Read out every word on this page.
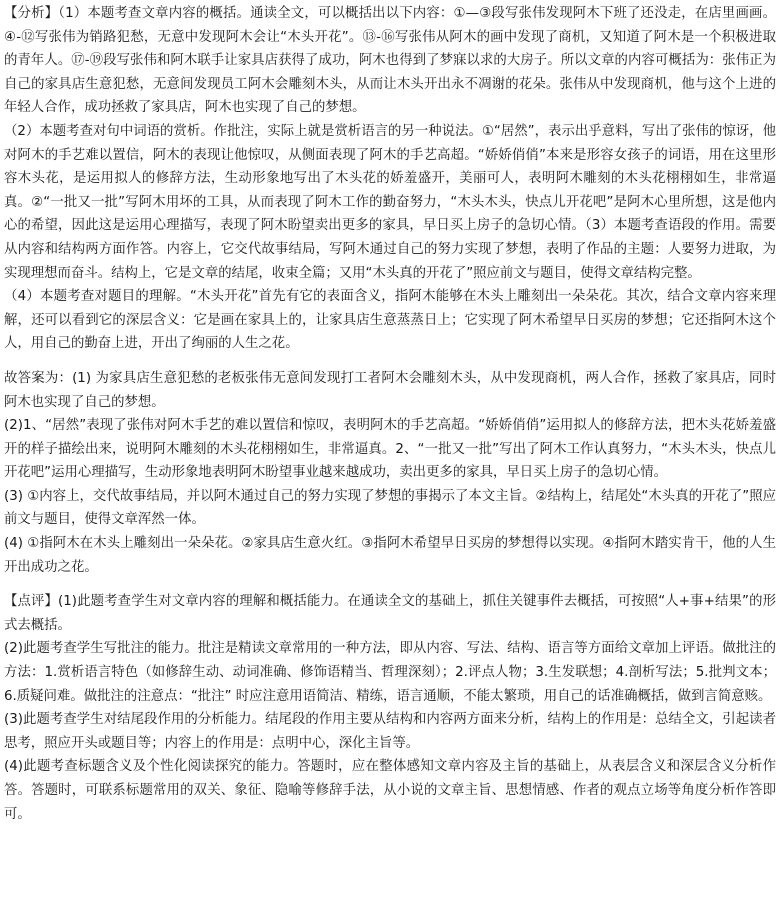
【分析】（1）本题考查文章内容的概括。通读全文，可以概括出以下内容：①—③段写张伟发现阿木下班了还没走，在店里画画。④-⑫写张伟为销路犯愁，无意中发现阿木会让“木头开花”。⑬-⑯写张伟从阿木的画中发现了商机，又知道了阿木是一个积极进取的青年人。⑰-⑲段写张伟和阿木联手让家具店获得了成功，阿木也得到了梦寐以求的大房子。所以文章的内容可概括为：张伟正为自己的家具店生意犯愁，无意间发现员工阿木会雕刻木头，从而让木头开出永不凋谢的花朵。张伟从中发现商机，他与这个上进的年轻人合作，成功拯救了家具店，阿木也实现了自己的梦想。

（2）本题考查对句中词语的赏析。作批注，实际上就是赏析语言的另一种说法。①“居然”，表示出乎意料，写出了张伟的惊讶，他对阿木的手艺难以置信，阿木的表现让他惊叹，从侧面表现了阿木的手艺高超。“娇娇俏俏”本来是形容女孩子的词语，用在这里形容木头花，是运用拟人的修辞方法，生动形象地写出了木头花的娇羞盛开，美丽可人，表明阿木雕刻的木头花栩栩如生，非常逼真。②“一批又一批”写阿木用坏的工具，从而表现了阿木工作的勤奋努力，“木头木头，快点儿开花吧”是阿木心里所想，这是他内心的希望，因此这是运用心理描写，表现了阿木盼望卖出更多的家具，早日买上房子的急切心情。（3）本题考查语段的作用。需要从内容和结构两方面作答。内容上，它交代故事结局，写阿木通过自己的努力实现了梦想，表明了作品的主题：人要努力进取，为实现理想而奋斗。结构上，它是文章的结尾，收束全篇；又用“木头真的开花了”照应前文与题目，使得文章结构完整。

（4）本题考查对题目的理解。“木头开花”首先有它的表面含义，指阿木能够在木头上雕刻出一朵朵花。其次，结合文章内容来理解，还可以看到它的深层含义：它是画在家具上的，让家具店生意蒸蒸日上；它实现了阿木希望早日买房的梦想；它还指阿木这个人，用自己的勤奋上进，开出了绚丽的人生之花。

故答案为：(1) 为家具店生意犯愁的老板张伟无意间发现打工者阿木会雕刻木头，从中发现商机，两人合作，拯救了家具店，同时阿木也实现了自己的梦想。

(2)1、“居然”表现了张伟对阿木手艺的难以置信和惊叹，表明阿木的手艺高超。“娇娇俏俏”运用拟人的修辞方法，把木头花娇羞盛开的样子描绘出来，说明阿木雕刻的木头花栩栩如生，非常逼真。2、“一批又一批”写出了阿木工作认真努力，“木头木头，快点儿开花吧”运用心理描写，生动形象地表明阿木盼望事业越来越成功，卖出更多的家具，早日买上房子的急切心情。

(3) ①内容上，交代故事结局，并以阿木通过自己的努力实现了梦想的事揭示了本文主旨。②结构上，结尾处“木头真的开花了”照应前文与题目，使得文章浑然一体。

(4) ①指阿木在木头上雕刻出一朵朵花。②家具店生意火红。③指阿木希望早日买房的梦想得以实现。④指阿木踏实肯干，他的人生开出成功之花。

【点评】(1)此题考查学生对文章内容的理解和概括能力。在通读全文的基础上，抓住关键事件去概括，可按照“人+事+结果”的形式去概括。

(2)此题考查学生写批注的能力。批注是精读文章常用的一种方法，即从内容、写法、结构、语言等方面给文章加上评语。做批注的方法：1.赏析语言特色（如修辞生动、动词准确、修饰语精当、哲理深刻）；2.评点人物；3.生发联想；4.剖析写法；5.批判文本；6.质疑问难。做批注的注意点：“批注” 时应注意用语简洁、精练，语言通顺，不能太繁琐，用自己的话准确概括，做到言简意赅。

(3)此题考查学生对结尾段作用的分析能力。结尾段的作用主要从结构和内容两方面来分析，结构上的作用是：总结全文，引起读者思考，照应开头或题目等；内容上的作用是：点明中心，深化主旨等。

(4)此题考查标题含义及个性化阅读探究的能力。答题时，应在整体感知文章内容及主旨的基础上，从表层含义和深层含义分析作答。答题时，可联系标题常用的双关、象征、隐喻等修辞手法，从小说的文章主旨、思想情感、作者的观点立场等角度分析作答即可。
